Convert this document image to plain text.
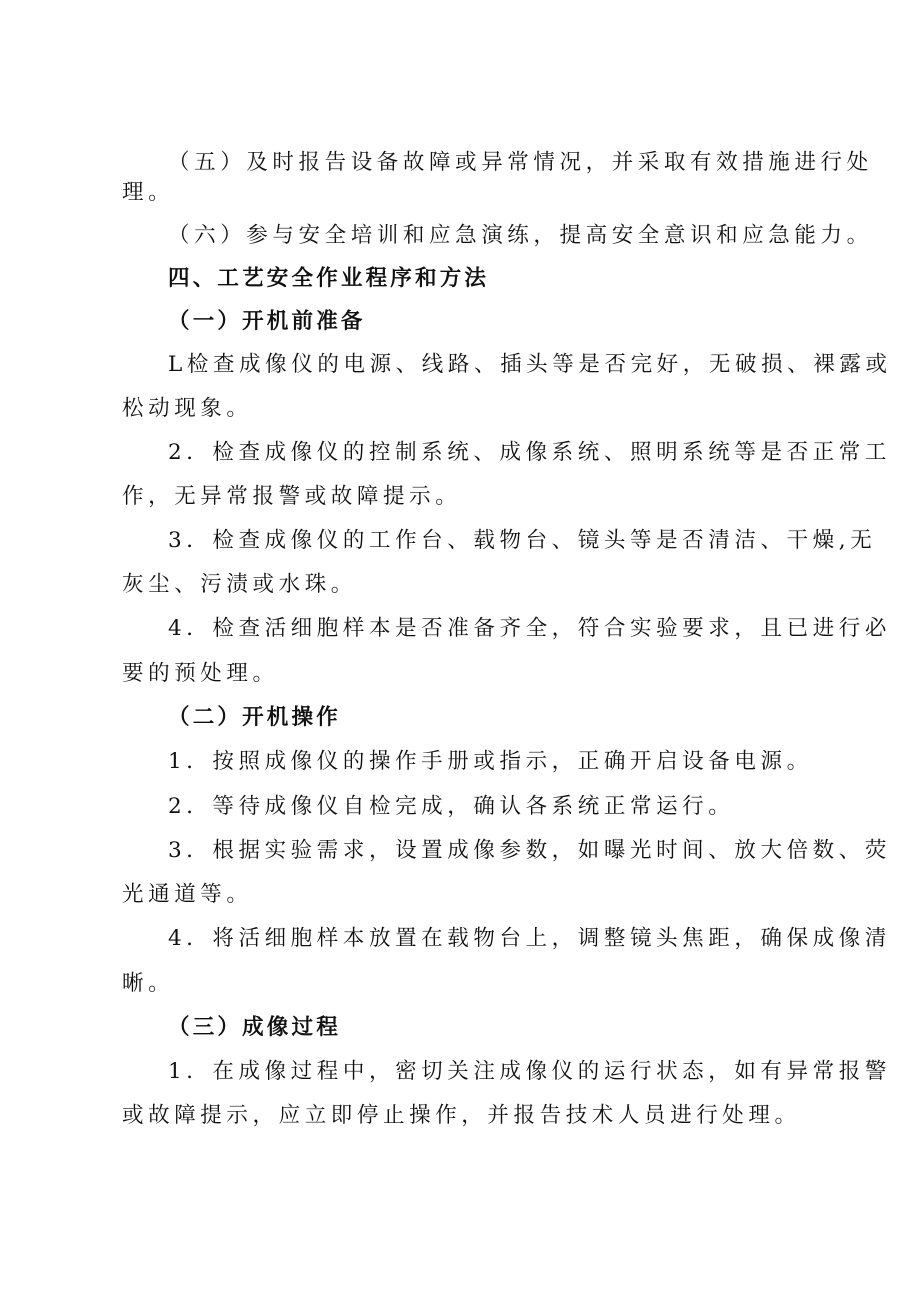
（五）及时报告设备故障或异常情况，并采取有效措施进行处
理。
（六）参与安全培训和应急演练，提高安全意识和应急能力。
四、工艺安全作业程序和方法
（一）开机前准备
L检查成像仪的电源、线路、插头等是否完好，无破损、裸露或
松动现象。
2．检查成像仪的控制系统、成像系统、照明系统等是否正常工
作，无异常报警或故障提示。
3．检查成像仪的工作台、载物台、镜头等是否清洁、干燥,无
灰尘、污渍或水珠。
4．检查活细胞样本是否准备齐全，符合实验要求，且已进行必
要的预处理。
（二）开机操作
1．按照成像仪的操作手册或指示，正确开启设备电源。
2．等待成像仪自检完成，确认各系统正常运行。
3．根据实验需求，设置成像参数，如曝光时间、放大倍数、荧
光通道等。
4．将活细胞样本放置在载物台上，调整镜头焦距，确保成像清
晰。
（三）成像过程
1．在成像过程中，密切关注成像仪的运行状态，如有异常报警
或故障提示，应立即停止操作，并报告技术人员进行处理。
